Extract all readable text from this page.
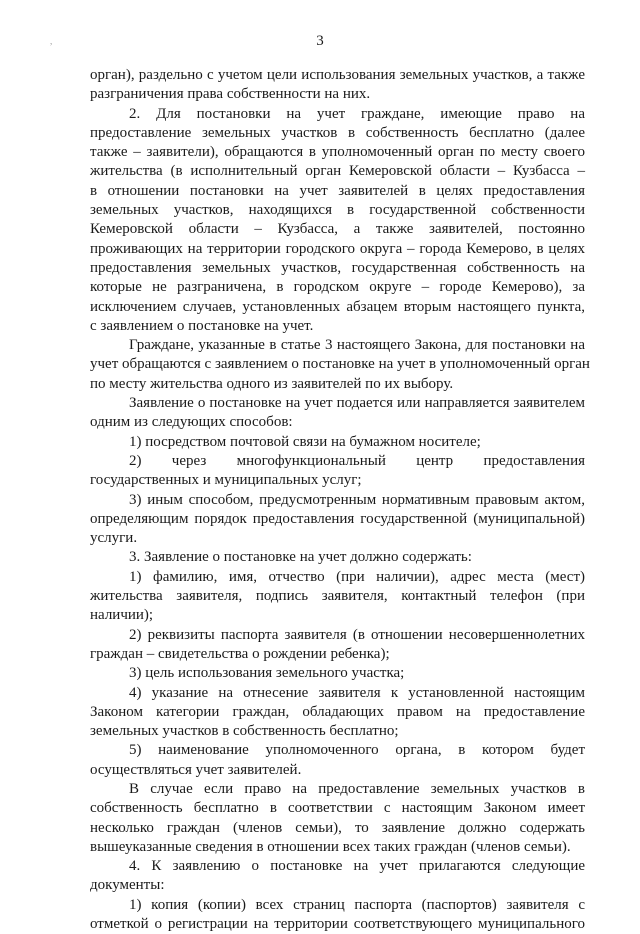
,	3
орган), раздельно с учетом цели использования земельных участков, а также
разграничения права собственности на них.
2. Для постановки на учет граждане, имеющие право на
предоставление земельных участков в собственность бесплатно (далее
также – заявители), обращаются в уполномоченный орган по месту своего
жительства (в исполнительный орган Кемеровской области – Кузбасса –
в отношении постановки на учет заявителей в целях предоставления
земельных участков, находящихся в государственной собственности
Кемеровской области – Кузбасса, а также заявителей, постоянно
проживающих на территории городского округа – города Кемерово, в целях
предоставления земельных участков, государственная собственность на
которые не разграничена, в городском округе – городе Кемерово), за
исключением случаев, установленных абзацем вторым настоящего пункта,
с заявлением о постановке на учет.
Граждане, указанные в статье 3 настоящего Закона, для постановки на
учет обращаются с заявлением о постановке на учет в уполномоченный орган
по месту жительства одного из заявителей по их выбору.
Заявление о постановке на учет подается или направляется заявителем
одним из следующих способов:
1) посредством почтовой связи на бумажном носителе;
2) через многофункциональный центр предоставления
государственных и муниципальных услуг;
3) иным способом, предусмотренным нормативным правовым актом,
определяющим порядок предоставления государственной (муниципальной)
услуги.
3. Заявление о постановке на учет должно содержать:
1) фамилию, имя, отчество (при наличии), адрес места (мест)
жительства заявителя, подпись заявителя, контактный телефон (при
наличии);
2) реквизиты паспорта заявителя (в отношении несовершеннолетних
граждан – свидетельства о рождении ребенка);
3) цель использования земельного участка;
4) указание на отнесение заявителя к установленной настоящим
Законом категории граждан, обладающих правом на предоставление
земельных участков в собственность бесплатно;
5) наименование уполномоченного органа, в котором будет
осуществляться учет заявителей.
В случае если право на предоставление земельных участков в
собственность бесплатно в соответствии с настоящим Законом имеет
несколько граждан (членов семьи), то заявление должно содержать
вышеуказанные сведения в отношении всех таких граждан (членов семьи).
4. К заявлению о постановке на учет прилагаются следующие
документы:
1) копия (копии) всех страниц паспорта (паспортов) заявителя с
отметкой о регистрации на территории соответствующего муниципального
